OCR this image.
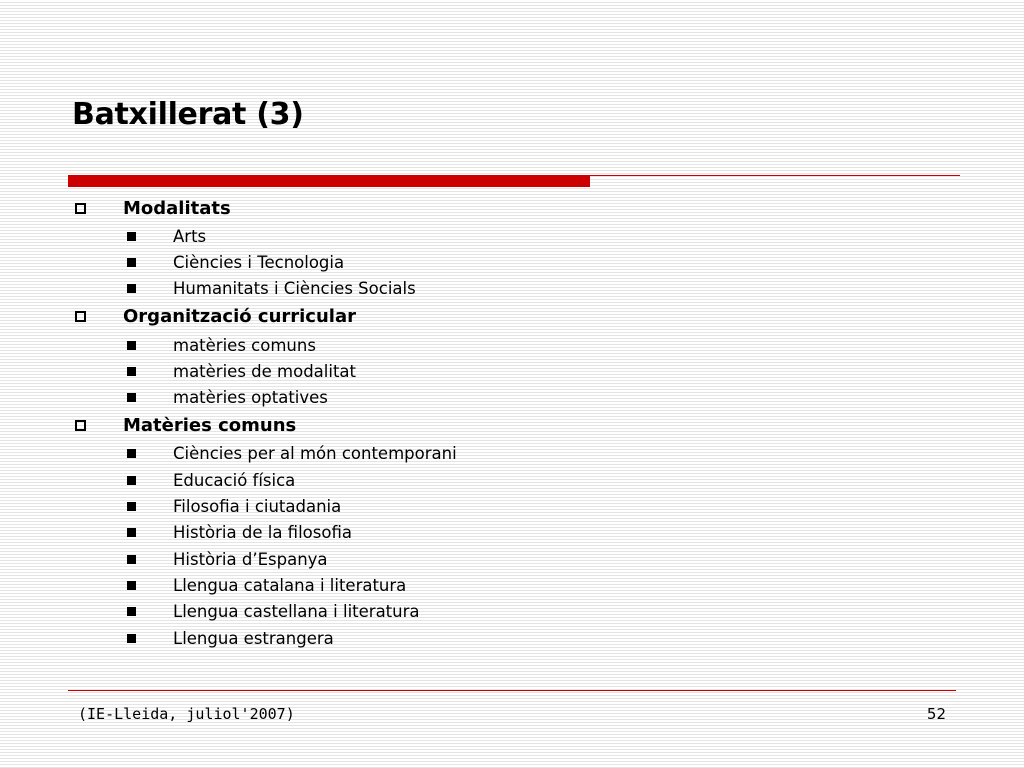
Batxillerat (3)
Modalitats
Arts
Ciències i Tecnologia
Humanitats i Ciències Socials
Organització curricular
matèries comuns
matèries de modalitat
matèries optatives
Matèries comuns
Ciències per al món contemporani
Educació física
Filosofia i ciutadania
Història de la filosofia
Història d’Espanya
Llengua catalana i literatura
Llengua castellana i literatura
Llengua estrangera
(IE-Lleida, juliol'2007)	52
